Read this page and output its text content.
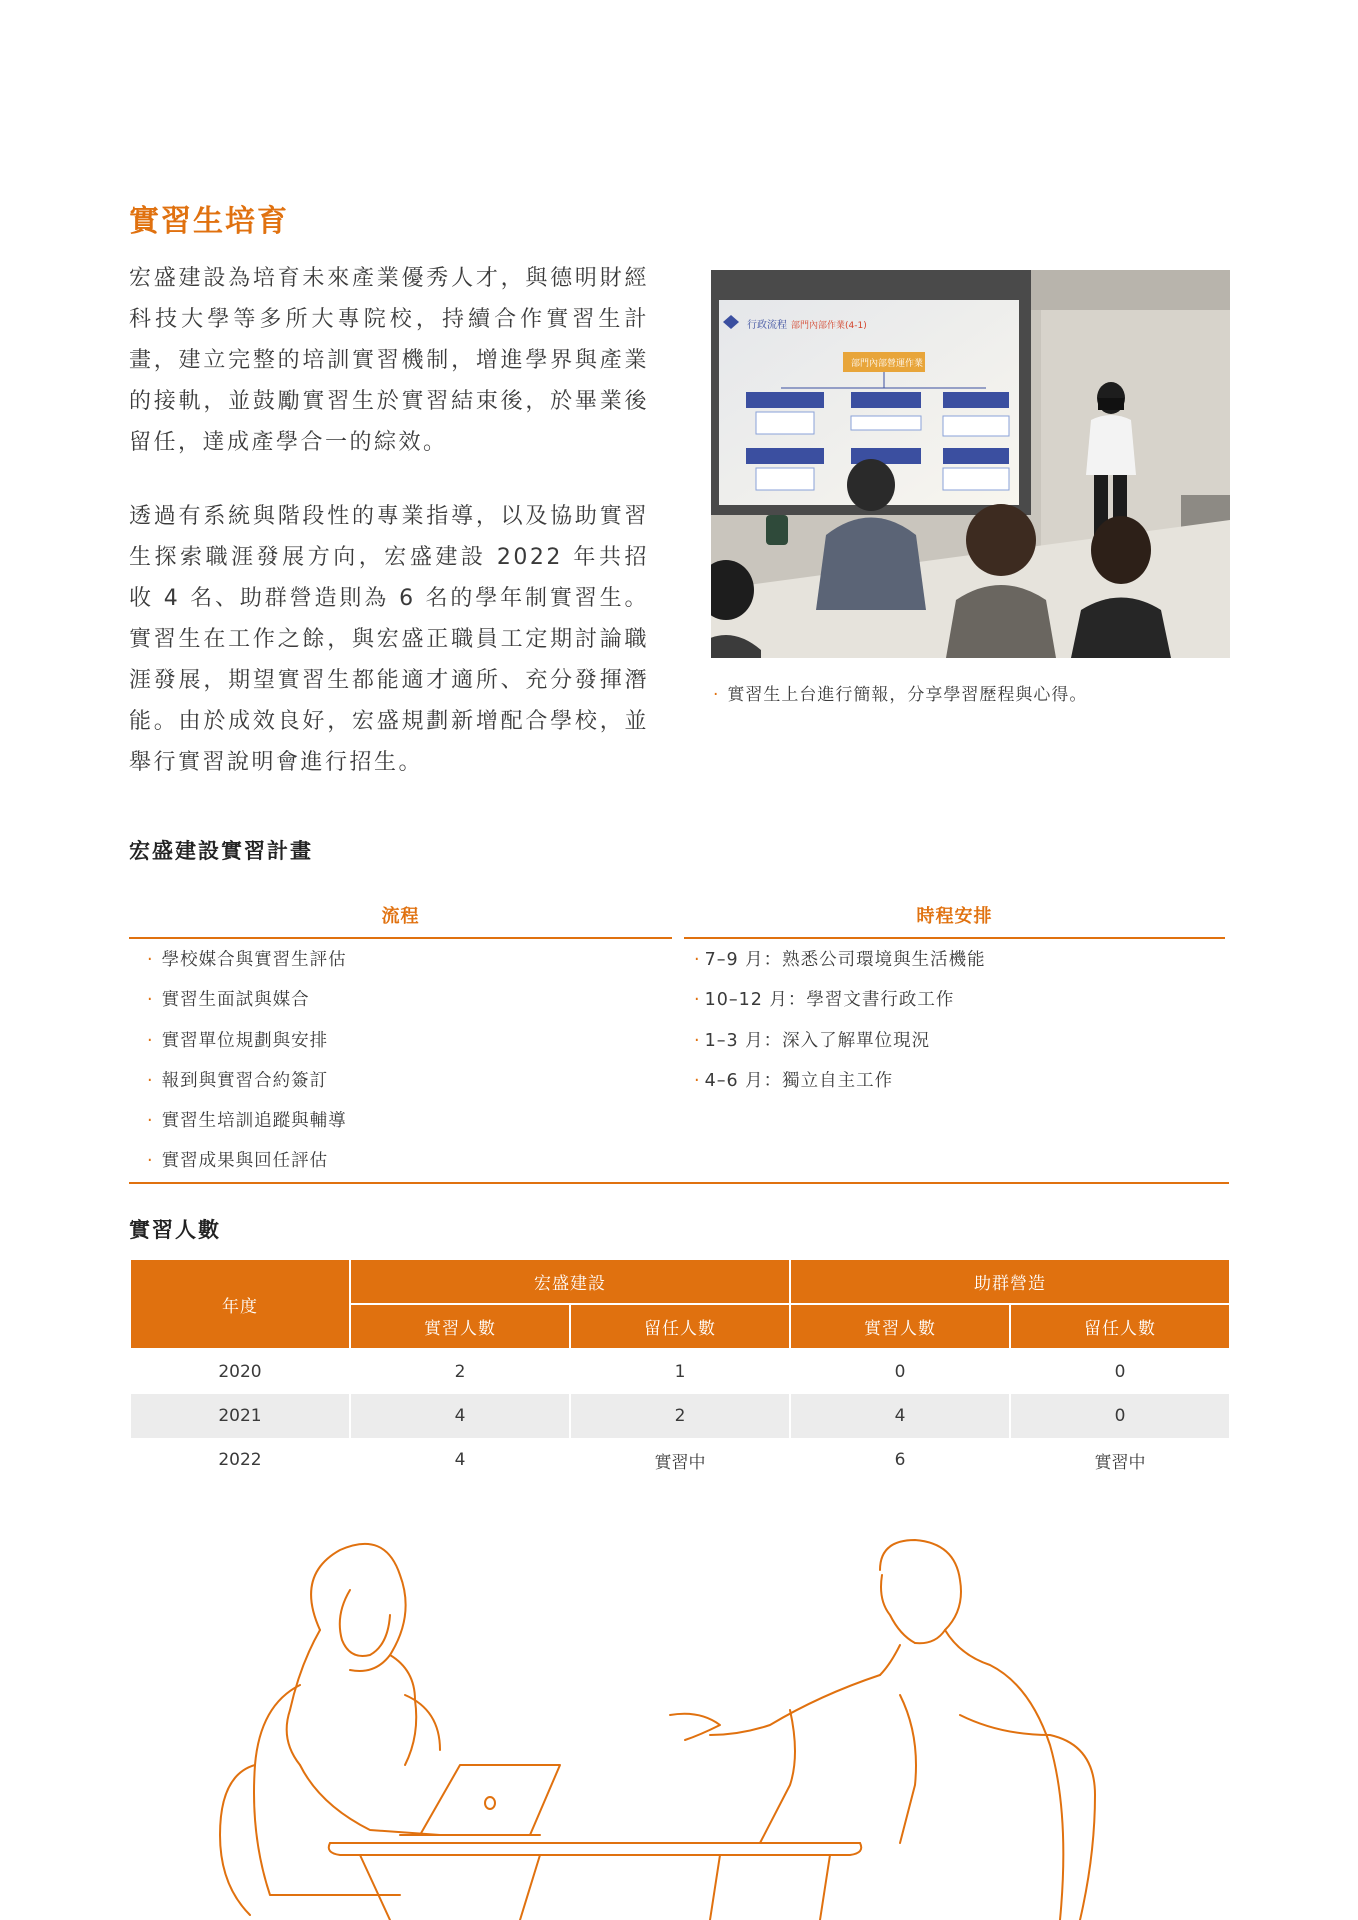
實習生培育

宏盛建設為培育未來產業優秀人才，與德明財經科技大學等多所大專院校，持續合作實習生計畫，建立完整的培訓實習機制，增進學界與產業的接軌，並鼓勵實習生於實習結束後，於畢業後留任，達成產學合一的綜效。

透過有系統與階段性的專業指導，以及協助實習生探索職涯發展方向，宏盛建設 2022 年共招收 4 名、助群營造則為 6 名的學年制實習生。實習生在工作之餘，與宏盛正職員工定期討論職涯發展，期望實習生都能適才適所、充分發揮潛能。由於成效良好，宏盛規劃新增配合學校，並舉行實習說明會進行招生。

行政流程 部門內部作業(4-1)
部門內部營運作業
· 實習生上台進行簡報，分享學習歷程與心得。
宏盛建設實習計畫
流程	時程安排
· 學校媒合與實習生評估
· 實習生面試與媒合
· 實習單位規劃與安排
· 報到與實習合約簽訂
· 實習生培訓追蹤與輔導
· 實習成果與回任評估
· 7–9 月：熟悉公司環境與生活機能
· 10–12 月：學習文書行政工作
· 1–3 月：深入了解單位現況
· 4–6 月：獨立自主工作
實習人數
年度	宏盛建設		助群營造	
	實習人數	留任人數	實習人數	留任人數
2020	2	1	0	0
2021	4	2	4	0
2022	4	實習中	6	實習中
